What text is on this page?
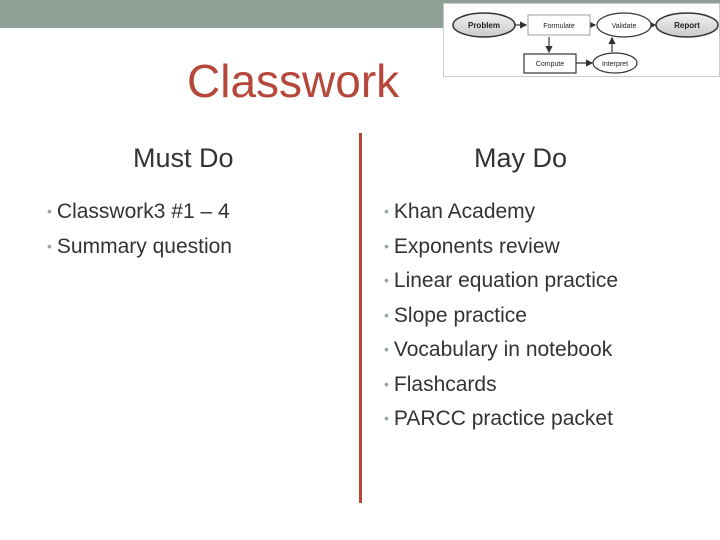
Problem	Formulate	Validate	Report
Compute	Interpret
Classwork
Must Do	May Do
• Classwork3 #1 – 4
• Summary question
• Khan Academy
• Exponents review
• Linear equation practice
• Slope practice
• Vocabulary in notebook
• Flashcards
• PARCC practice packet
